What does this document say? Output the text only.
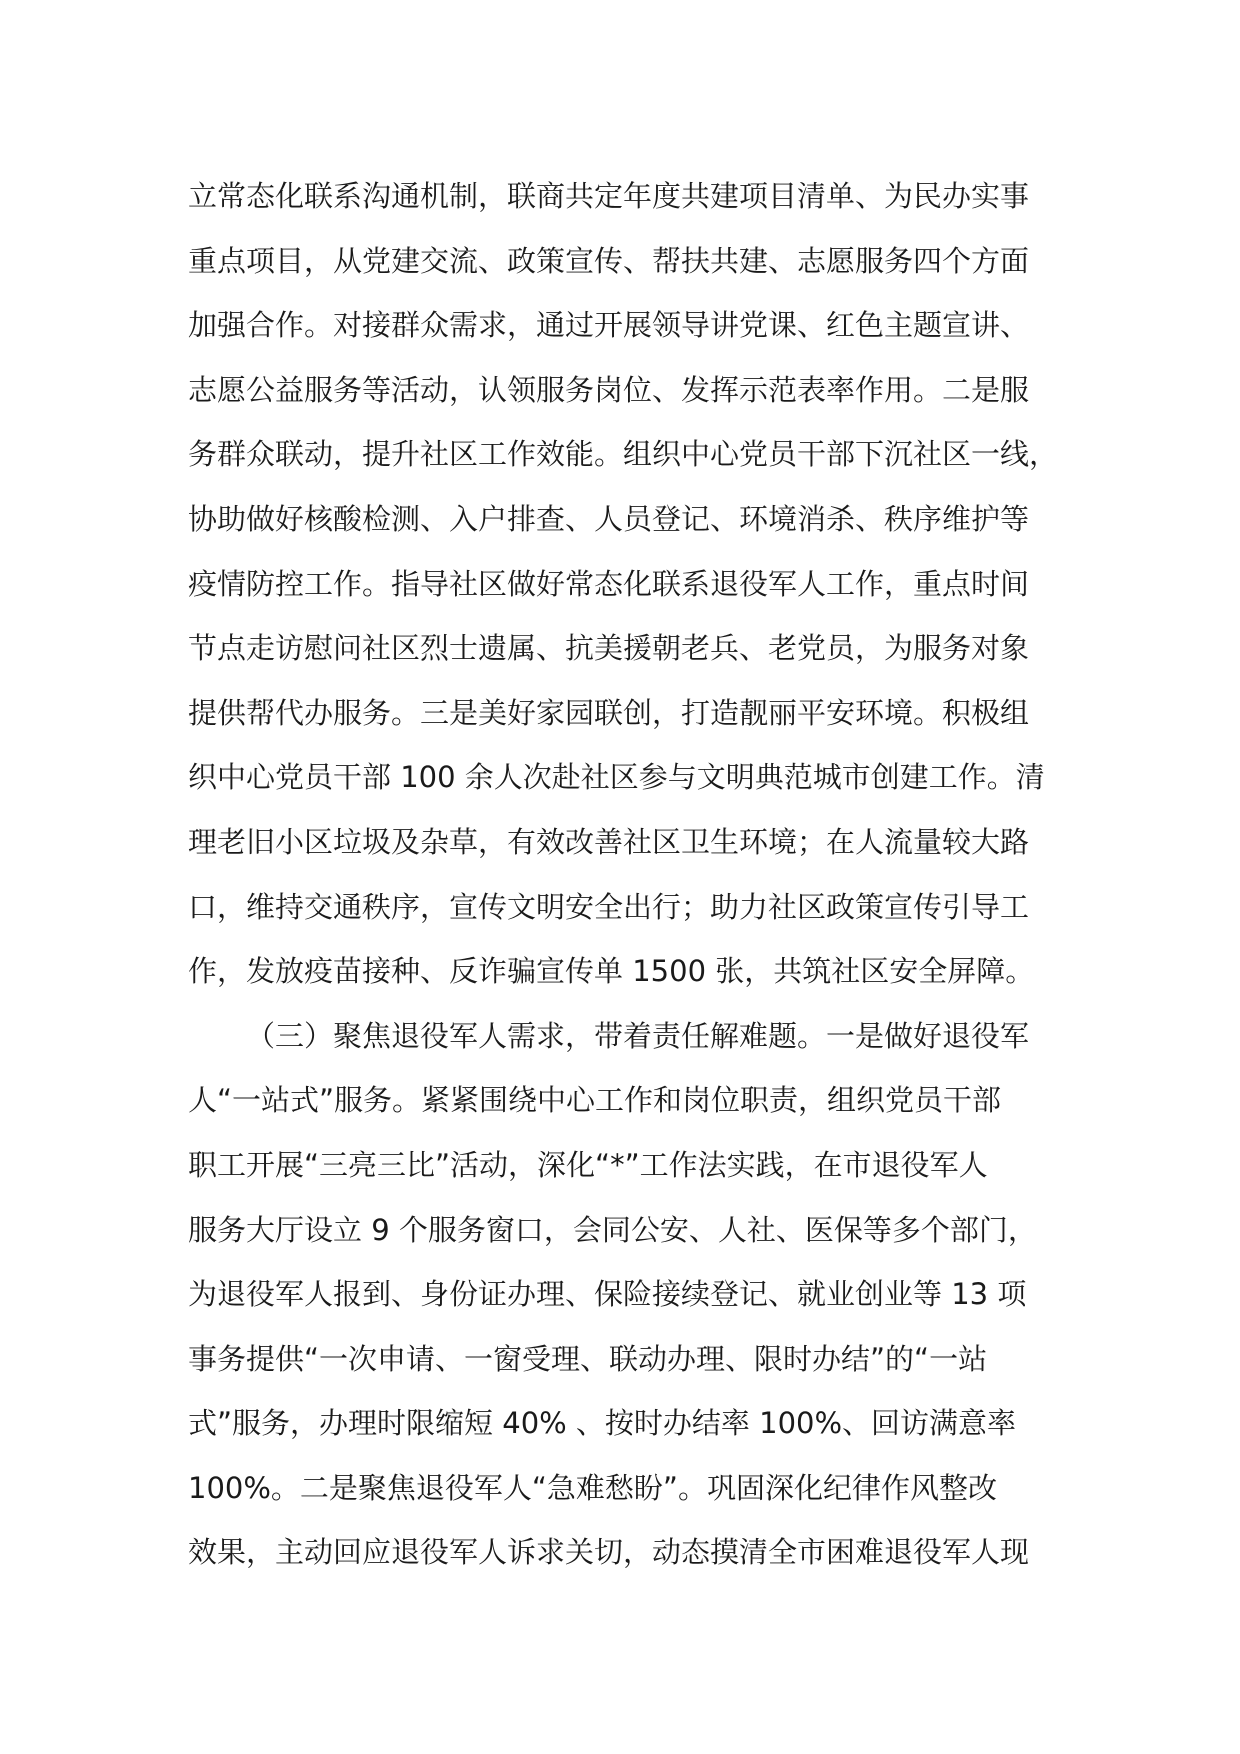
立常态化联系沟通机制，联商共定年度共建项目清单、为民办实事
重点项目，从党建交流、政策宣传、帮扶共建、志愿服务四个方面
加强合作。对接群众需求，通过开展领导讲党课、红色主题宣讲、
志愿公益服务等活动，认领服务岗位、发挥示范表率作用。二是服
务群众联动，提升社区工作效能。组织中心党员干部下沉社区一线，
协助做好核酸检测、入户排查、人员登记、环境消杀、秩序维护等
疫情防控工作。指导社区做好常态化联系退役军人工作，重点时间
节点走访慰问社区烈士遗属、抗美援朝老兵、老党员，为服务对象
提供帮代办服务。三是美好家园联创，打造靓丽平安环境。积极组
织中心党员干部 100 余人次赴社区参与文明典范城市创建工作。清
理老旧小区垃圾及杂草，有效改善社区卫生环境；在人流量较大路
口，维持交通秩序，宣传文明安全出行；助力社区政策宣传引导工
作，发放疫苗接种、反诈骗宣传单 1500 张，共筑社区安全屏障。
（三）聚焦退役军人需求，带着责任解难题。一是做好退役军
人“一站式”服务。紧紧围绕中心工作和岗位职责，组织党员干部
职工开展“三亮三比”活动，深化“*”工作法实践，在市退役军人
服务大厅设立 9 个服务窗口，会同公安、人社、医保等多个部门，
为退役军人报到、身份证办理、保险接续登记、就业创业等 13 项
事务提供“一次申请、一窗受理、联动办理、限时办结”的“一站
式”服务，办理时限缩短 40% 、按时办结率 100%、回访满意率
100%。二是聚焦退役军人“急难愁盼”。巩固深化纪律作风整改
效果，主动回应退役军人诉求关切，动态摸清全市困难退役军人现
